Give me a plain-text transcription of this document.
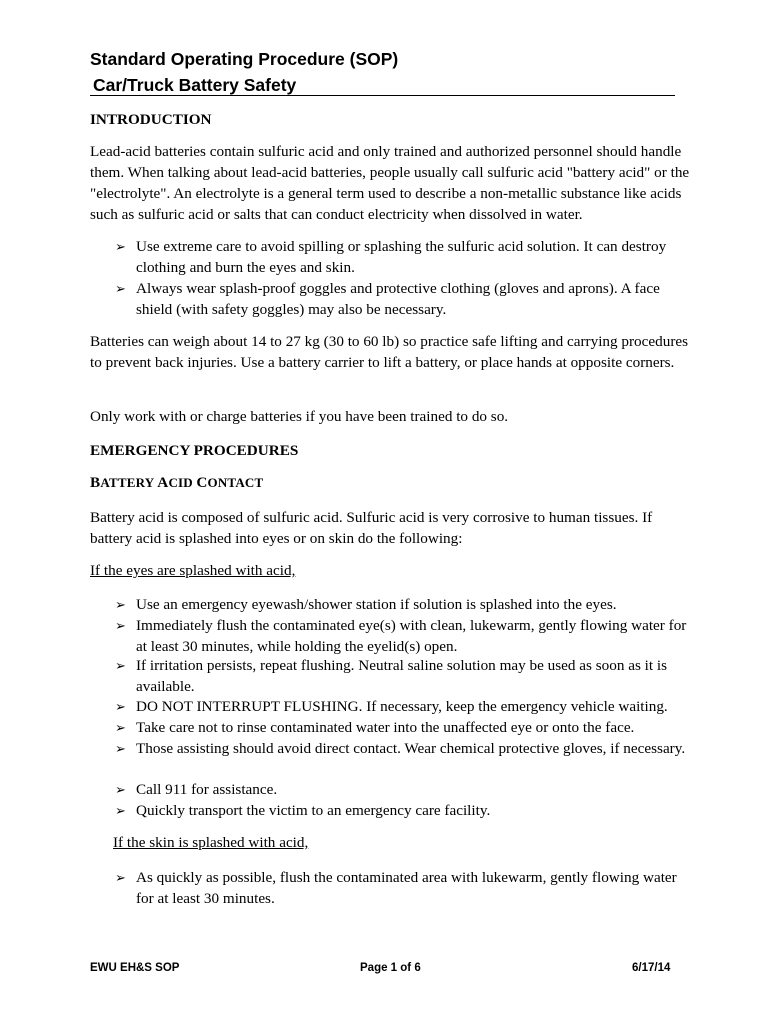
Standard Operating Procedure (SOP)
Car/Truck Battery Safety
INTRODUCTION
Lead-acid batteries contain sulfuric acid and only trained and authorized personnel should handle them. When talking about lead-acid batteries, people usually call sulfuric acid "battery acid" or the "electrolyte". An electrolyte is a general term used to describe a non-metallic substance like acids such as sulfuric acid or salts that can conduct electricity when dissolved in water.
➢ Use extreme care to avoid spilling or splashing the sulfuric acid solution. It can destroy clothing and burn the eyes and skin.
➢ Always wear splash-proof goggles and protective clothing (gloves and aprons). A face shield (with safety goggles) may also be necessary.
Batteries can weigh about 14 to 27 kg (30 to 60 lb) so practice safe lifting and carrying procedures to prevent back injuries. Use a battery carrier to lift a battery, or place hands at opposite corners.
Only work with or charge batteries if you have been trained to do so.
EMERGENCY PROCEDURES
BATTERY ACID CONTACT
Battery acid is composed of sulfuric acid. Sulfuric acid is very corrosive to human tissues. If battery acid is splashed into eyes or on skin do the following:
If the eyes are splashed with acid,
➢ Use an emergency eyewash/shower station if solution is splashed into the eyes.
➢ Immediately flush the contaminated eye(s) with clean, lukewarm, gently flowing water for at least 30 minutes, while holding the eyelid(s) open.
➢ If irritation persists, repeat flushing. Neutral saline solution may be used as soon as it is available.
➢ DO NOT INTERRUPT FLUSHING. If necessary, keep the emergency vehicle waiting.
➢ Take care not to rinse contaminated water into the unaffected eye or onto the face.
➢ Those assisting should avoid direct contact. Wear chemical protective gloves, if necessary.
➢ Call 911 for assistance.
➢ Quickly transport the victim to an emergency care facility.
If the skin is splashed with acid,
➢ As quickly as possible, flush the contaminated area with lukewarm, gently flowing water for at least 30 minutes.
EWU EH&S SOP	Page 1 of 6	6/17/14
